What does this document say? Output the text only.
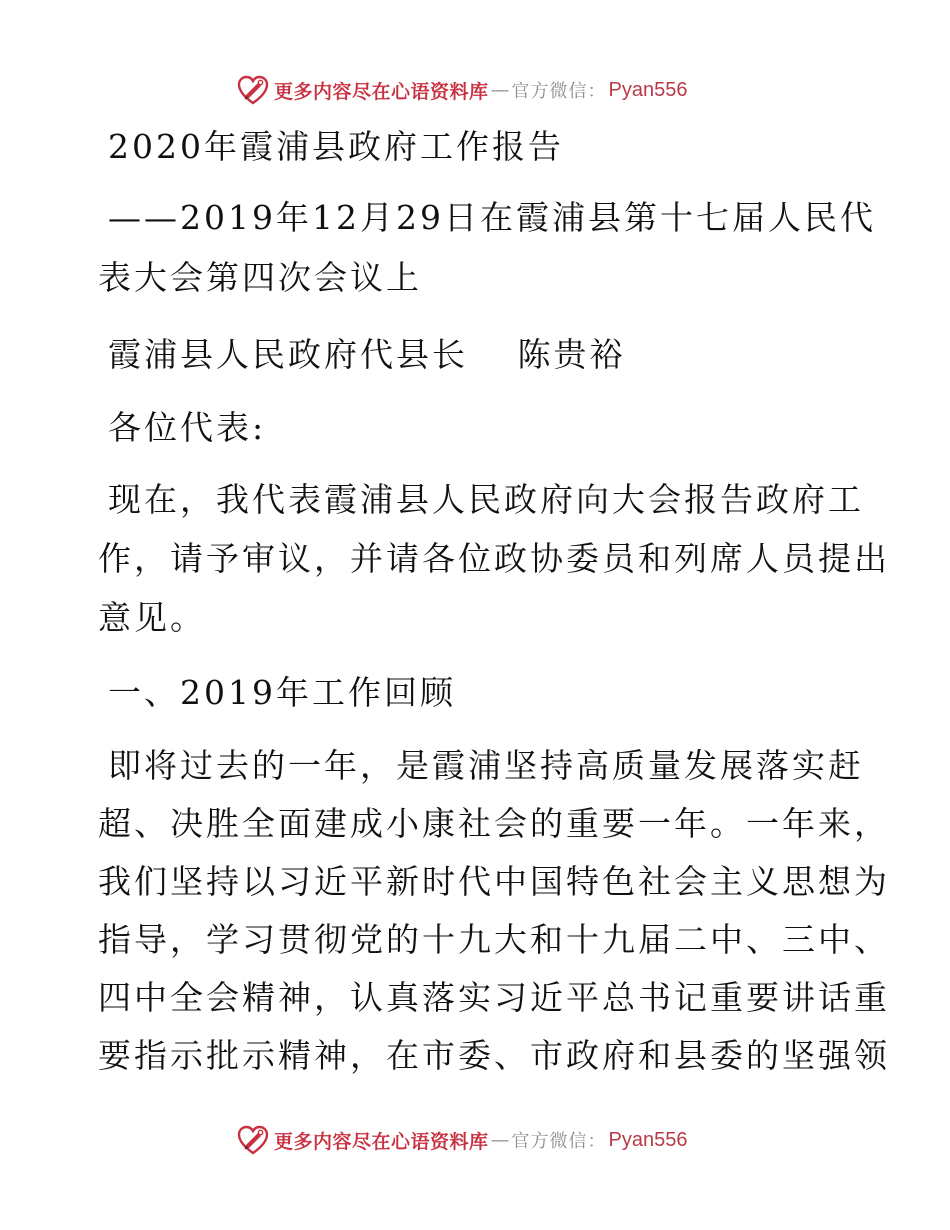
更多内容尽在心语资料库 — 官方微信： Pyan556
2020年霞浦县政府工作报告
——2019年12月29日在霞浦县第十七届人民代
表大会第四次会议上
霞浦县人民政府代县长　 陈贵裕
各位代表:
现在，我代表霞浦县人民政府向大会报告政府工
作，请予审议，并请各位政协委员和列席人员提出
意见。
一、2019年工作回顾
即将过去的一年，是霞浦坚持高质量发展落实赶
超、决胜全面建成小康社会的重要一年。一年来，
我们坚持以习近平新时代中国特色社会主义思想为
指导，学习贯彻党的十九大和十九届二中、三中、
四中全会精神，认真落实习近平总书记重要讲话重
要指示批示精神，在市委、市政府和县委的坚强领
更多内容尽在心语资料库 — 官方微信： Pyan556
